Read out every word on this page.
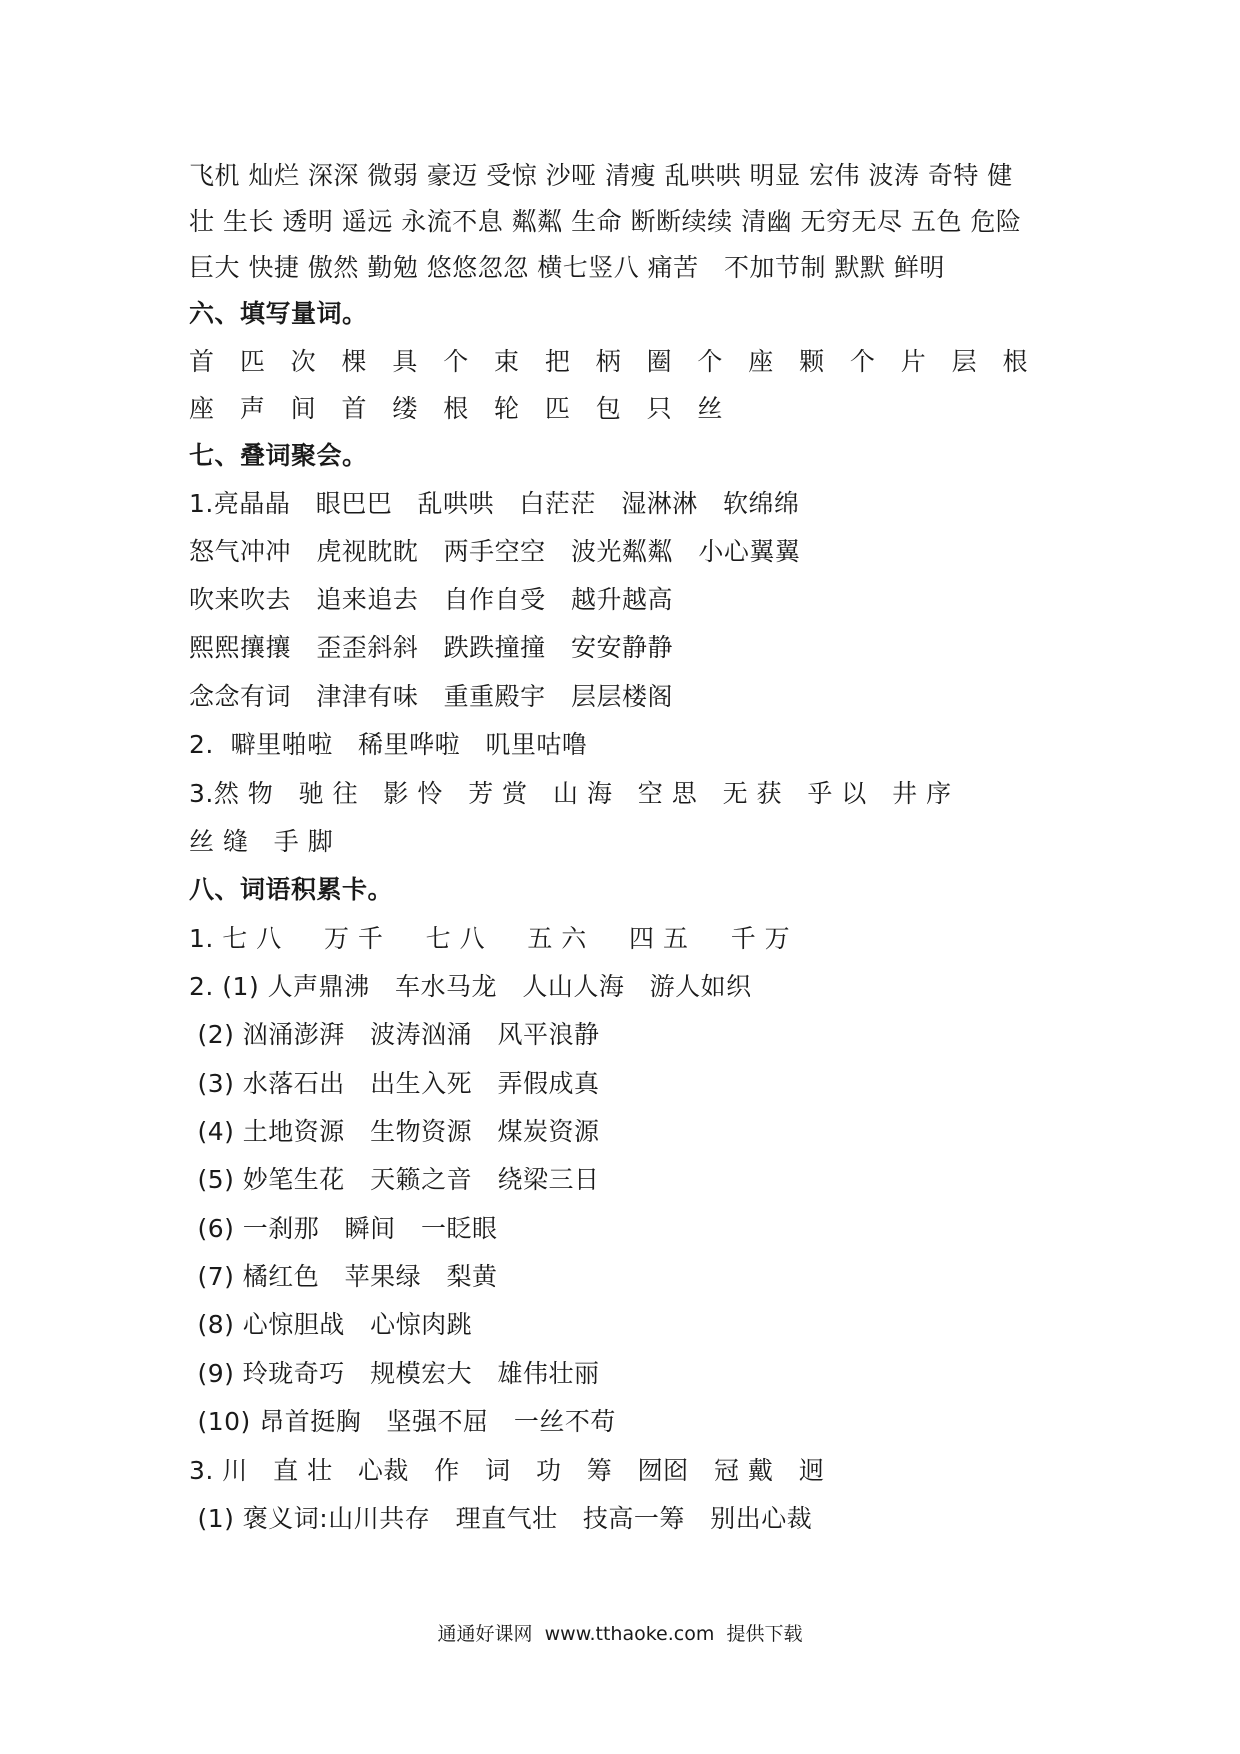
飞机 灿烂 深深 微弱 豪迈 受惊 沙哑 清瘦 乱哄哄 明显 宏伟 波涛 奇特 健
壮 生长 透明 遥远 永流不息 粼粼 生命 断断续续 清幽 无穷无尽 五色 危险
巨大 快捷 傲然 勤勉 悠悠忽忽 横七竖八 痛苦   不加节制 默默 鲜明
六、填写量词。
首   匹   次   棵   具   个   束   把   柄   圈   个   座   颗   个   片   层   根
座   声   间   首   缕   根   轮   匹   包   只   丝
七、叠词聚会。
1.亮晶晶   眼巴巴   乱哄哄   白茫茫   湿淋淋   软绵绵
怒气冲冲   虎视眈眈   两手空空   波光粼粼   小心翼翼
吹来吹去   追来追去   自作自受   越升越高
熙熙攘攘   歪歪斜斜   跌跌撞撞   安安静静
念念有词   津津有味   重重殿宇   层层楼阁
2.  噼里啪啦   稀里哗啦   叽里咕噜
3.然 物   驰 往   影 怜   芳 赏   山 海   空 思   无 获   乎 以   井 序
丝 缝   手 脚
八、词语积累卡。
1. 七 八     万 千     七 八     五 六     四 五     千 万
2. (1) 人声鼎沸   车水马龙   人山人海   游人如织
(2) 汹涌澎湃   波涛汹涌   风平浪静
(3) 水落石出   出生入死   弄假成真
(4) 土地资源   生物资源   煤炭资源
(5) 妙笔生花   天籁之音   绕梁三日
(6) 一刹那   瞬间   一眨眼
(7) 橘红色   苹果绿   梨黄
(8) 心惊胆战   心惊肉跳
(9) 玲珑奇巧   规模宏大   雄伟壮丽
(10) 昂首挺胸   坚强不屈   一丝不苟
3. 川   直 壮   心裁   作   词   功   筹   囫囵   冠 戴   迥
(1) 褒义词:山川共存   理直气壮   技高一筹   别出心裁
通通好课网  www.tthaoke.com  提供下载
